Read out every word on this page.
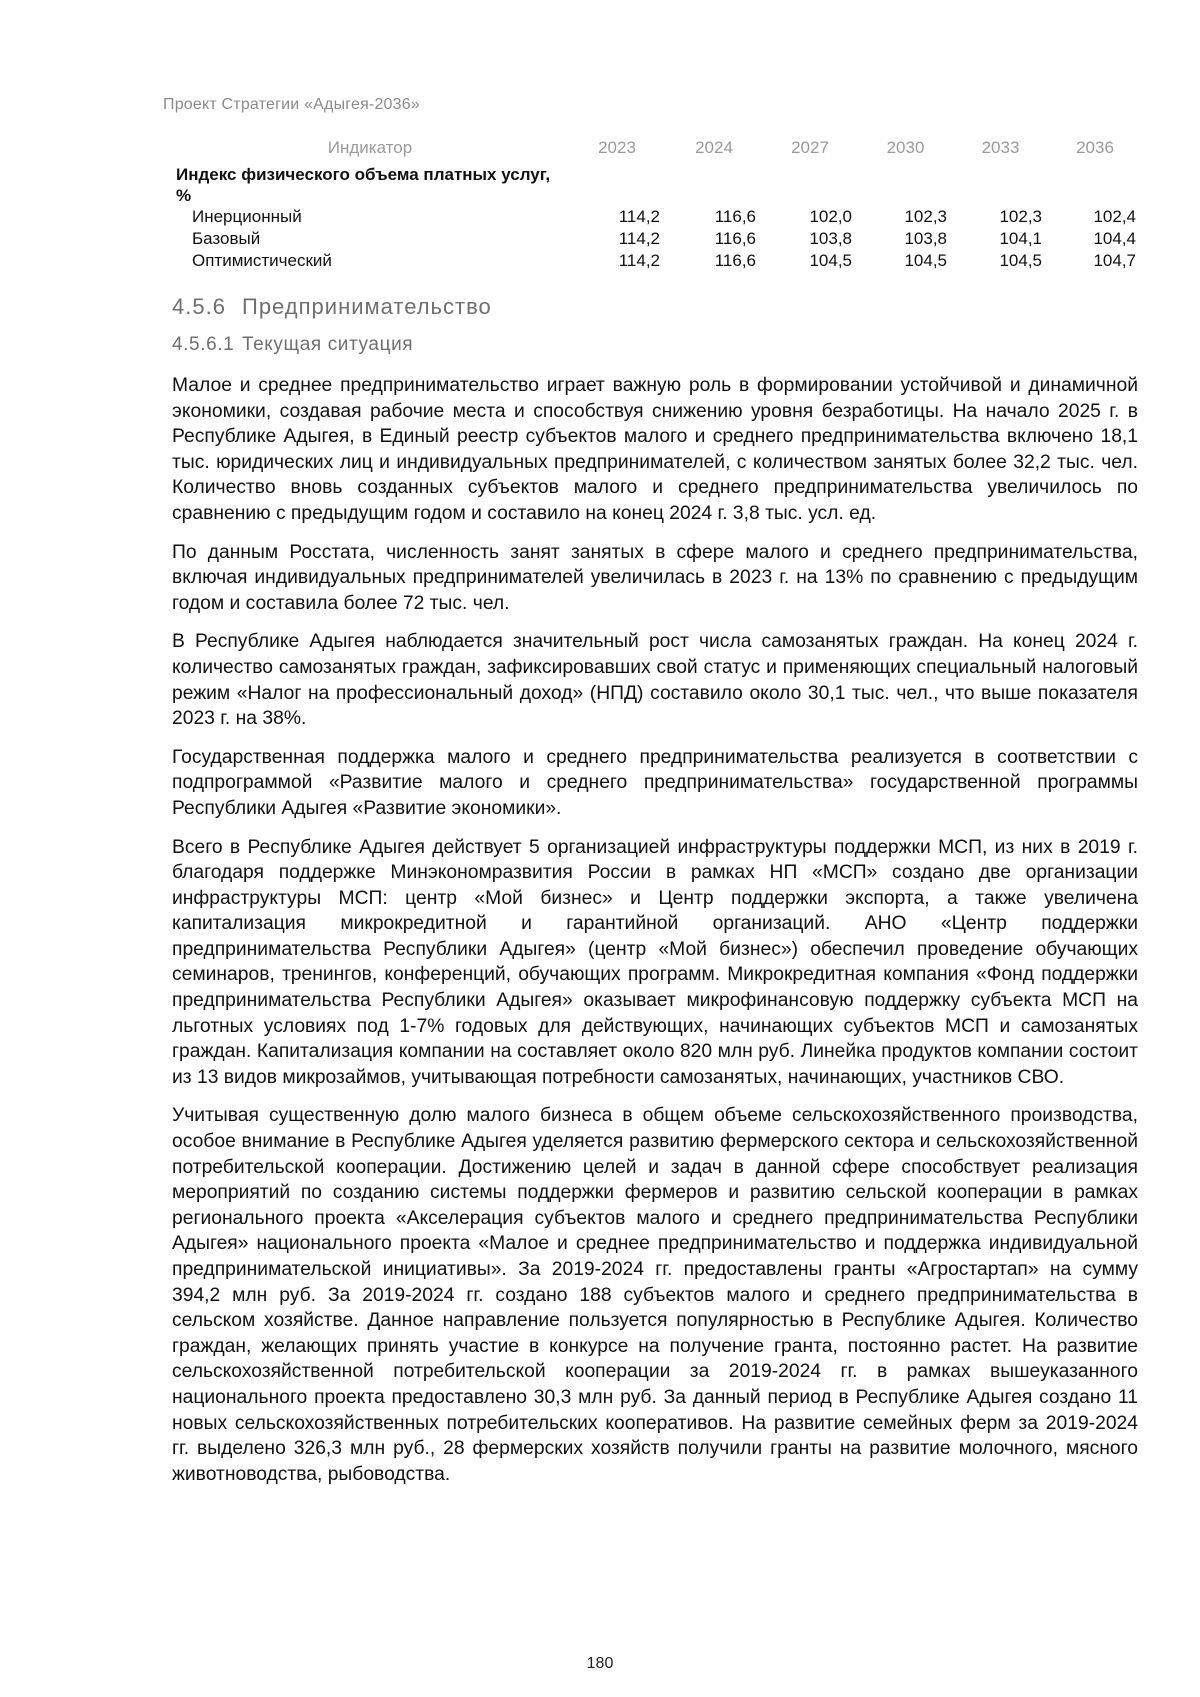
Проект Стратегии «Адыгея-2036»
Индикатор	2023	2024	2027	2030	2033	2036
Индекс физического объема платных услуг, %						
Инерционный	114,2	116,6	102,0	102,3	102,3	102,4
Базовый	114,2	116,6	103,8	103,8	104,1	104,4
Оптимистический	114,2	116,6	104,5	104,5	104,5	104,7
4.5.6 Предпринимательство
4.5.6.1 Текущая ситуация

Малое и среднее предпринимательство играет важную роль в формировании устойчивой и динамичной экономики, создавая рабочие места и способствуя снижению уровня безработицы. На начало 2025 г. в Республике Адыгея, в Единый реестр субъектов малого и среднего предпринимательства включено 18,1 тыс. юридических лиц и индивидуальных предпринимателей, с количеством занятых более 32,2 тыс. чел. Количество вновь созданных субъектов малого и среднего предпринимательства увеличилось по сравнению с предыдущим годом и составило на конец 2024 г. 3,8 тыс. усл. ед.

По данным Росстата, численность занят занятых в сфере малого и среднего предпринимательства, включая индивидуальных предпринимателей увеличилась в 2023 г. на 13% по сравнению с предыдущим годом и составила более 72 тыс. чел.

В Республике Адыгея наблюдается значительный рост числа самозанятых граждан. На конец 2024 г. количество самозанятых граждан, зафиксировавших свой статус и применяющих специальный налоговый режим «Налог на профессиональный доход» (НПД) составило около 30,1 тыс. чел., что выше показателя 2023 г. на 38%.

Государственная поддержка малого и среднего предпринимательства реализуется в соответствии с подпрограммой «Развитие малого и среднего предпринимательства» государственной программы Республики Адыгея «Развитие экономики».

Всего в Республике Адыгея действует 5 организацией инфраструктуры поддержки МСП, из них в 2019 г. благодаря поддержке Минэкономразвития России в рамках НП «МСП» создано две организации инфраструктуры МСП: центр «Мой бизнес» и Центр поддержки экспорта, а также увеличена капитализация микрокредитной и гарантийной организаций. АНО «Центр поддержки предпринимательства Республики Адыгея» (центр «Мой бизнес») обеспечил проведение обучающих семинаров, тренингов, конференций, обучающих программ. Микрокредитная компания «Фонд поддержки предпринимательства Республики Адыгея» оказывает микрофинансовую поддержку субъекта МСП на льготных условиях под 1-7% годовых для действующих, начинающих субъектов МСП и самозанятых граждан. Капитализация компании на составляет около 820 млн руб. Линейка продуктов компании состоит из 13 видов микрозаймов, учитывающая потребности самозанятых, начинающих, участников СВО.

Учитывая существенную долю малого бизнеса в общем объеме сельскохозяйственного производства, особое внимание в Республике Адыгея уделяется развитию фермерского сектора и сельскохозяйственной потребительской кооперации. Достижению целей и задач в данной сфере способствует реализация мероприятий по созданию системы поддержки фермеров и развитию сельской кооперации в рамках регионального проекта «Акселерация субъектов малого и среднего предпринимательства Республики Адыгея» национального проекта «Малое и среднее предпринимательство и поддержка индивидуальной предпринимательской инициативы». За 2019-2024 гг. предоставлены гранты «Агростартап» на сумму 394,2 млн руб. За 2019-2024 гг. создано 188 субъектов малого и среднего предпринимательства в сельском хозяйстве. Данное направление пользуется популярностью в Республике Адыгея. Количество граждан, желающих принять участие в конкурсе на получение гранта, постоянно растет. На развитие сельскохозяйственной потребительской кооперации за 2019-2024 гг. в рамках вышеуказанного национального проекта предоставлено 30,3 млн руб. За данный период в Республике Адыгея создано 11 новых сельскохозяйственных потребительских кооперативов. На развитие семейных ферм за 2019-2024 гг. выделено 326,3 млн руб., 28 фермерских хозяйств получили гранты на развитие молочного, мясного животноводства, рыбоводства.

180
